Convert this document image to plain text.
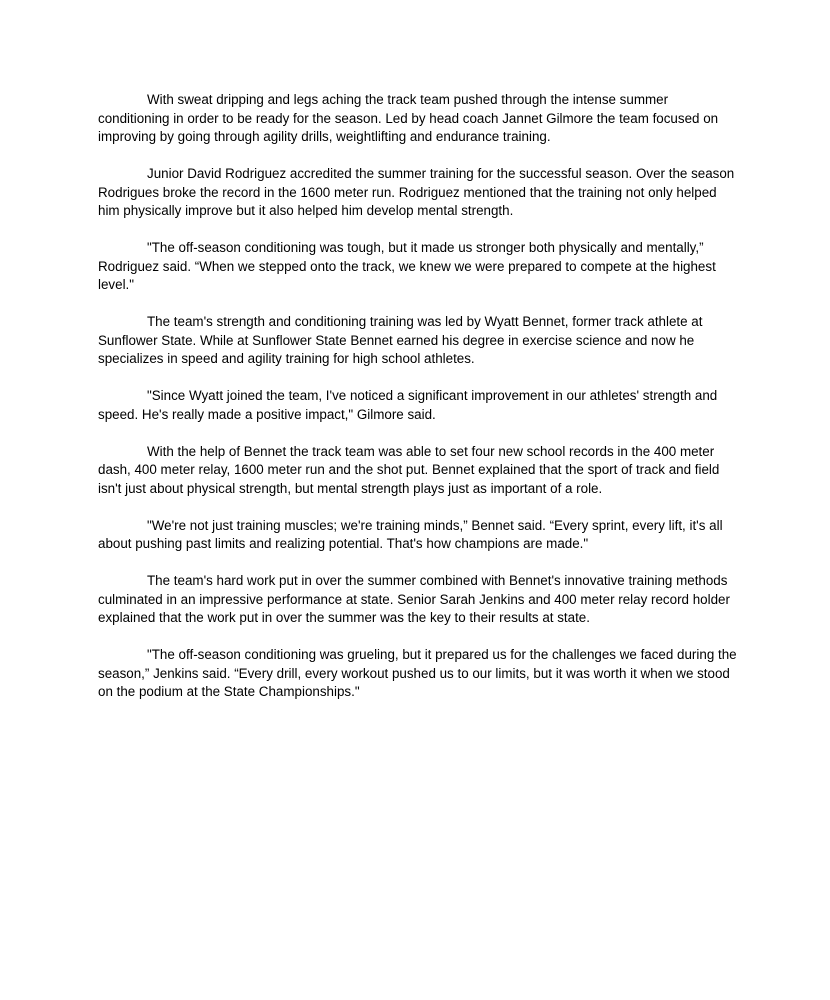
With sweat dripping and legs aching the track team pushed through the intense summer conditioning in order to be ready for the season. Led by head coach Jannet Gilmore the team focused on improving by going through agility drills, weightlifting and endurance training.

Junior David Rodriguez accredited the summer training for the successful season. Over the season Rodrigues broke the record in the 1600 meter run. Rodriguez mentioned that the training not only helped him physically improve but it also helped him develop mental strength.

"The off-season conditioning was tough, but it made us stronger both physically and mentally,” Rodriguez said. “When we stepped onto the track, we knew we were prepared to compete at the highest level."

The team's strength and conditioning training was led by Wyatt Bennet, former track athlete at Sunflower State. While at Sunflower State Bennet earned his degree in exercise science and now he specializes in speed and agility training for high school athletes.

"Since Wyatt joined the team, I've noticed a significant improvement in our athletes' strength and speed. He's really made a positive impact," Gilmore said.

With the help of Bennet the track team was able to set four new school records in the 400 meter dash, 400 meter relay, 1600 meter run and the shot put. Bennet explained that the sport of track and field isn't just about physical strength, but mental strength plays just as important of a role.

"We're not just training muscles; we're training minds,” Bennet said. “Every sprint, every lift, it's all about pushing past limits and realizing potential. That's how champions are made."

The team's hard work put in over the summer combined with Bennet's innovative training methods culminated in an impressive performance at state. Senior Sarah Jenkins and 400 meter relay record holder explained that the work put in over the summer was the key to their results at state.

"The off-season conditioning was grueling, but it prepared us for the challenges we faced during the season,” Jenkins said. “Every drill, every workout pushed us to our limits, but it was worth it when we stood on the podium at the State Championships."
